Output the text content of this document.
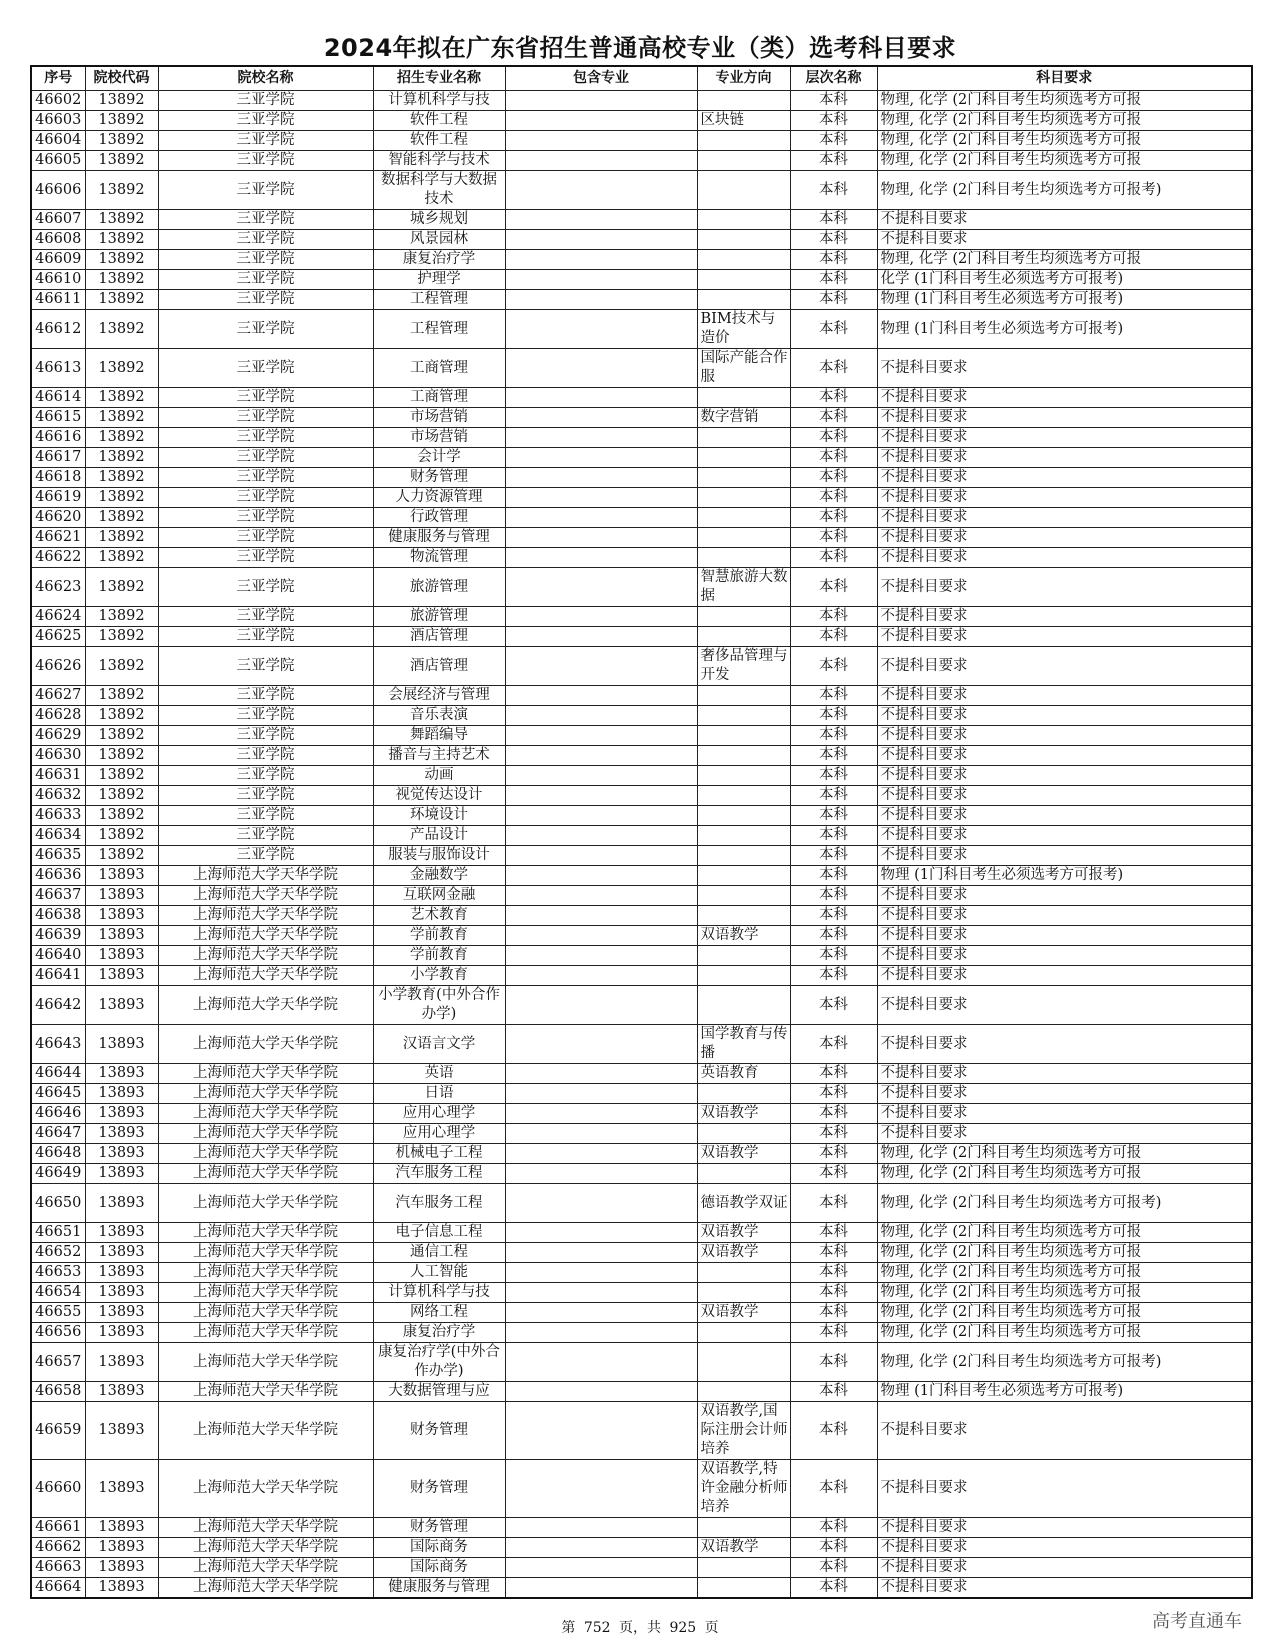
2024年拟在广东省招生普通高校专业（类）选考科目要求
序号	院校代码	院校名称	招生专业名称	包含专业	专业方向	层次名称	科目要求
46602	13892	三亚学院	计算机科学与技			本科	物理, 化学 (2门科目考生均须选考方可报
46603	13892	三亚学院	软件工程		区块链	本科	物理, 化学 (2门科目考生均须选考方可报
46604	13892	三亚学院	软件工程			本科	物理, 化学 (2门科目考生均须选考方可报
46605	13892	三亚学院	智能科学与技术			本科	物理, 化学 (2门科目考生均须选考方可报
46606	13892	三亚学院	数据科学与大数据技术			本科	物理, 化学 (2门科目考生均须选考方可报考)
46607	13892	三亚学院	城乡规划			本科	不提科目要求
46608	13892	三亚学院	风景园林			本科	不提科目要求
46609	13892	三亚学院	康复治疗学			本科	物理, 化学 (2门科目考生均须选考方可报
46610	13892	三亚学院	护理学			本科	化学 (1门科目考生必须选考方可报考)
46611	13892	三亚学院	工程管理			本科	物理 (1门科目考生必须选考方可报考)
46612	13892	三亚学院	工程管理		BIM技术与造价	本科	物理 (1门科目考生必须选考方可报考)
46613	13892	三亚学院	工商管理		国际产能合作服	本科	不提科目要求
46614	13892	三亚学院	工商管理			本科	不提科目要求
46615	13892	三亚学院	市场营销		数字营销	本科	不提科目要求
46616	13892	三亚学院	市场营销			本科	不提科目要求
46617	13892	三亚学院	会计学			本科	不提科目要求
46618	13892	三亚学院	财务管理			本科	不提科目要求
46619	13892	三亚学院	人力资源管理			本科	不提科目要求
46620	13892	三亚学院	行政管理			本科	不提科目要求
46621	13892	三亚学院	健康服务与管理			本科	不提科目要求
46622	13892	三亚学院	物流管理			本科	不提科目要求
46623	13892	三亚学院	旅游管理		智慧旅游大数据	本科	不提科目要求
46624	13892	三亚学院	旅游管理			本科	不提科目要求
46625	13892	三亚学院	酒店管理			本科	不提科目要求
46626	13892	三亚学院	酒店管理		奢侈品管理与开发	本科	不提科目要求
46627	13892	三亚学院	会展经济与管理			本科	不提科目要求
46628	13892	三亚学院	音乐表演			本科	不提科目要求
46629	13892	三亚学院	舞蹈编导			本科	不提科目要求
46630	13892	三亚学院	播音与主持艺术			本科	不提科目要求
46631	13892	三亚学院	动画			本科	不提科目要求
46632	13892	三亚学院	视觉传达设计			本科	不提科目要求
46633	13892	三亚学院	环境设计			本科	不提科目要求
46634	13892	三亚学院	产品设计			本科	不提科目要求
46635	13892	三亚学院	服装与服饰设计			本科	不提科目要求
46636	13893	上海师范大学天华学院	金融数学			本科	物理 (1门科目考生必须选考方可报考)
46637	13893	上海师范大学天华学院	互联网金融			本科	不提科目要求
46638	13893	上海师范大学天华学院	艺术教育			本科	不提科目要求
46639	13893	上海师范大学天华学院	学前教育		双语教学	本科	不提科目要求
46640	13893	上海师范大学天华学院	学前教育			本科	不提科目要求
46641	13893	上海师范大学天华学院	小学教育			本科	不提科目要求
46642	13893	上海师范大学天华学院	小学教育(中外合作办学)			本科	不提科目要求
46643	13893	上海师范大学天华学院	汉语言文学		国学教育与传播	本科	不提科目要求
46644	13893	上海师范大学天华学院	英语		英语教育	本科	不提科目要求
46645	13893	上海师范大学天华学院	日语			本科	不提科目要求
46646	13893	上海师范大学天华学院	应用心理学		双语教学	本科	不提科目要求
46647	13893	上海师范大学天华学院	应用心理学			本科	不提科目要求
46648	13893	上海师范大学天华学院	机械电子工程		双语教学	本科	物理, 化学 (2门科目考生均须选考方可报
46649	13893	上海师范大学天华学院	汽车服务工程			本科	物理, 化学 (2门科目考生均须选考方可报
46650	13893	上海师范大学天华学院	汽车服务工程		德语教学双证	本科	物理, 化学 (2门科目考生均须选考方可报考)
46651	13893	上海师范大学天华学院	电子信息工程		双语教学	本科	物理, 化学 (2门科目考生均须选考方可报
46652	13893	上海师范大学天华学院	通信工程		双语教学	本科	物理, 化学 (2门科目考生均须选考方可报
46653	13893	上海师范大学天华学院	人工智能			本科	物理, 化学 (2门科目考生均须选考方可报
46654	13893	上海师范大学天华学院	计算机科学与技			本科	物理, 化学 (2门科目考生均须选考方可报
46655	13893	上海师范大学天华学院	网络工程		双语教学	本科	物理, 化学 (2门科目考生均须选考方可报
46656	13893	上海师范大学天华学院	康复治疗学			本科	物理, 化学 (2门科目考生均须选考方可报
46657	13893	上海师范大学天华学院	康复治疗学(中外合作办学)			本科	物理, 化学 (2门科目考生均须选考方可报考)
46658	13893	上海师范大学天华学院	大数据管理与应			本科	物理 (1门科目考生必须选考方可报考)
46659	13893	上海师范大学天华学院	财务管理		双语教学,国际注册会计师培养	本科	不提科目要求
46660	13893	上海师范大学天华学院	财务管理		双语教学,特许金融分析师培养	本科	不提科目要求
46661	13893	上海师范大学天华学院	财务管理			本科	不提科目要求
46662	13893	上海师范大学天华学院	国际商务		双语教学	本科	不提科目要求
46663	13893	上海师范大学天华学院	国际商务			本科	不提科目要求
46664	13893	上海师范大学天华学院	健康服务与管理			本科	不提科目要求
第 752 页，共 925 页	高考直通车
